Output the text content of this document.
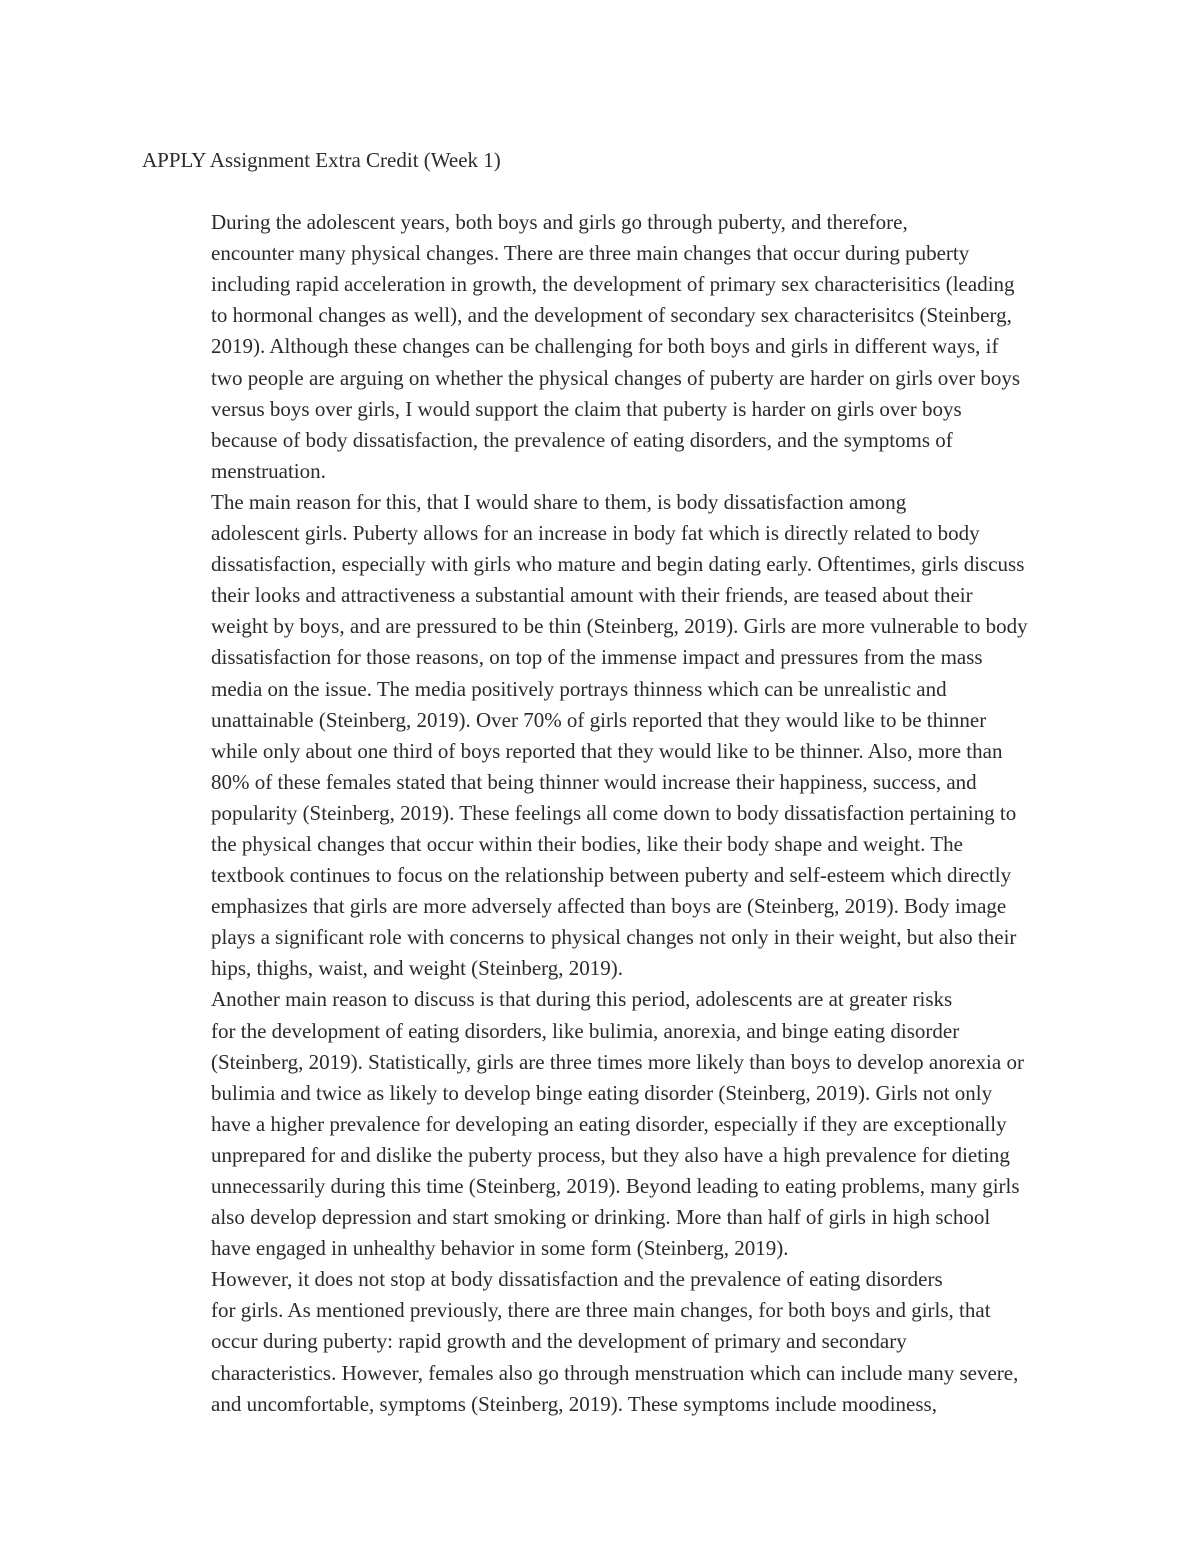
APPLY Assignment Extra Credit (Week 1)

During the adolescent years, both boys and girls go through puberty, and therefore,
encounter many physical changes. There are three main changes that occur during puberty
including rapid acceleration in growth, the development of primary sex characterisitics (leading
to hormonal changes as well), and the development of secondary sex characterisitcs (Steinberg,
2019). Although these changes can be challenging for both boys and girls in different ways, if
two people are arguing on whether the physical changes of puberty are harder on girls over boys
versus boys over girls, I would support the claim that puberty is harder on girls over boys
because of body dissatisfaction, the prevalence of eating disorders, and the symptoms of
menstruation.

The main reason for this, that I would share to them, is body dissatisfaction among
adolescent girls. Puberty allows for an increase in body fat which is directly related to body
dissatisfaction, especially with girls who mature and begin dating early. Oftentimes, girls discuss
their looks and attractiveness a substantial amount with their friends, are teased about their
weight by boys, and are pressured to be thin (Steinberg, 2019). Girls are more vulnerable to body
dissatisfaction for those reasons, on top of the immense impact and pressures from the mass
media on the issue. The media positively portrays thinness which can be unrealistic and
unattainable (Steinberg, 2019). Over 70% of girls reported that they would like to be thinner
while only about one third of boys reported that they would like to be thinner. Also, more than
80% of these females stated that being thinner would increase their happiness, success, and
popularity (Steinberg, 2019). These feelings all come down to body dissatisfaction pertaining to
the physical changes that occur within their bodies, like their body shape and weight. The
textbook continues to focus on the relationship between puberty and self-esteem which directly
emphasizes that girls are more adversely affected than boys are (Steinberg, 2019). Body image
plays a significant role with concerns to physical changes not only in their weight, but also their
hips, thighs, waist, and weight (Steinberg, 2019).

Another main reason to discuss is that during this period, adolescents are at greater risks
for the development of eating disorders, like bulimia, anorexia, and binge eating disorder
(Steinberg, 2019). Statistically, girls are three times more likely than boys to develop anorexia or
bulimia and twice as likely to develop binge eating disorder (Steinberg, 2019). Girls not only
have a higher prevalence for developing an eating disorder, especially if they are exceptionally
unprepared for and dislike the puberty process, but they also have a high prevalence for dieting
unnecessarily during this time (Steinberg, 2019). Beyond leading to eating problems, many girls
also develop depression and start smoking or drinking. More than half of girls in high school
have engaged in unhealthy behavior in some form (Steinberg, 2019).

However, it does not stop at body dissatisfaction and the prevalence of eating disorders
for girls. As mentioned previously, there are three main changes, for both boys and girls, that
occur during puberty: rapid growth and the development of primary and secondary
characteristics. However, females also go through menstruation which can include many severe,
and uncomfortable, symptoms (Steinberg, 2019). These symptoms include moodiness,
